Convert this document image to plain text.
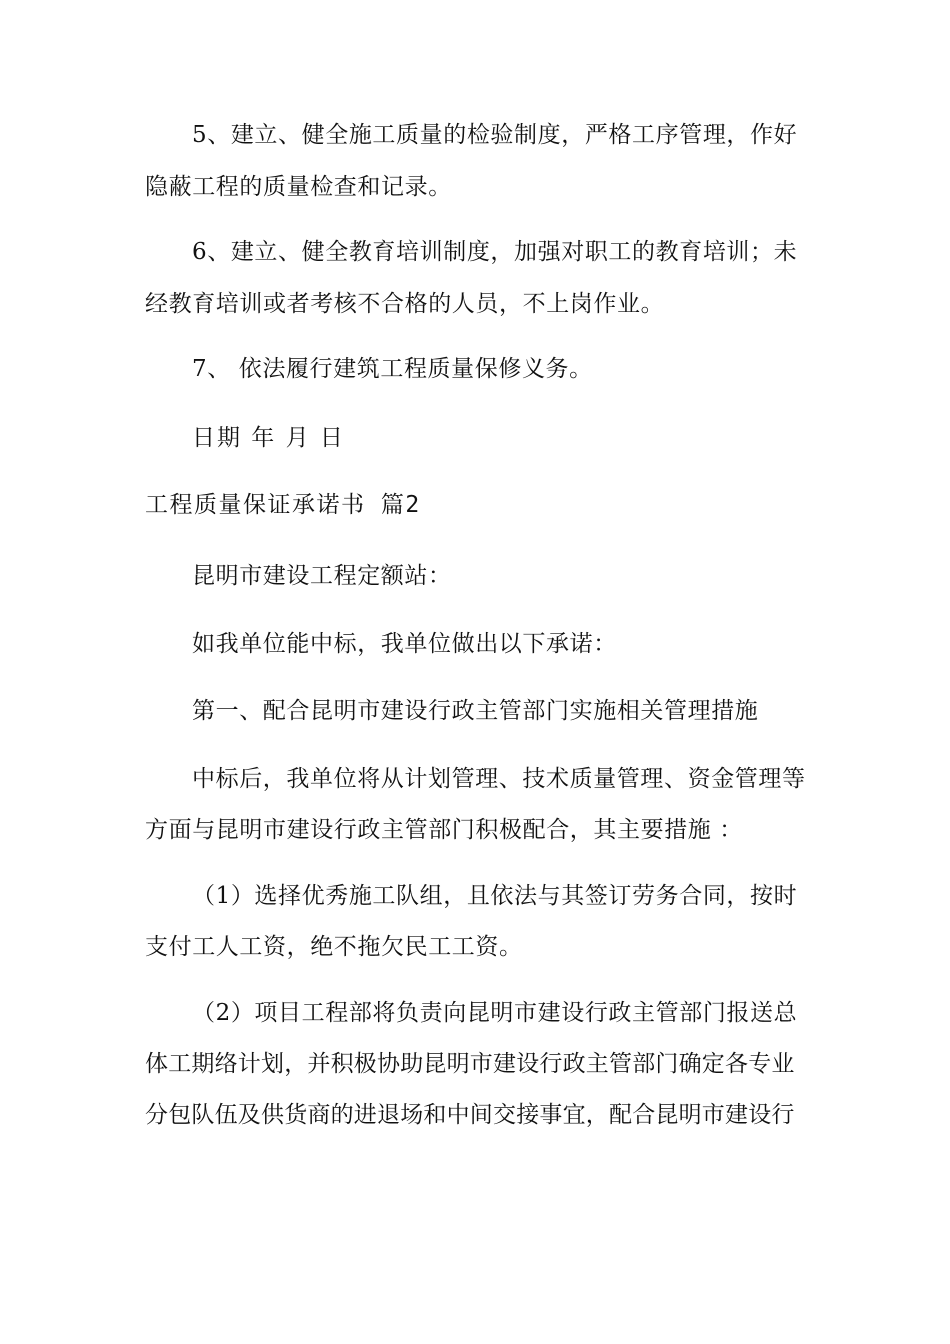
5、建立、健全施工质量的检验制度，严格工序管理，作好
隐蔽工程的质量检查和记录。
6、建立、健全教育培训制度，加强对职工的教育培训；未
经教育培训或者考核不合格的人员，不上岗作业。
7、 依法履行建筑工程质量保修义务。
日期 年 月 日
工程质量保证承诺书 篇2
昆明市建设工程定额站：
如我单位能中标，我单位做出以下承诺：
第一、配合昆明市建设行政主管部门实施相关管理措施
中标后，我单位将从计划管理、技术质量管理、资金管理等
方面与昆明市建设行政主管部门积极配合，其主要措施 ：
（1）选择优秀施工队组，且依法与其签订劳务合同，按时
支付工人工资，绝不拖欠民工工资。
（2）项目工程部将负责向昆明市建设行政主管部门报送总
体工期络计划，并积极协助昆明市建设行政主管部门确定各专业
分包队伍及供货商的进退场和中间交接事宜，配合昆明市建设行
